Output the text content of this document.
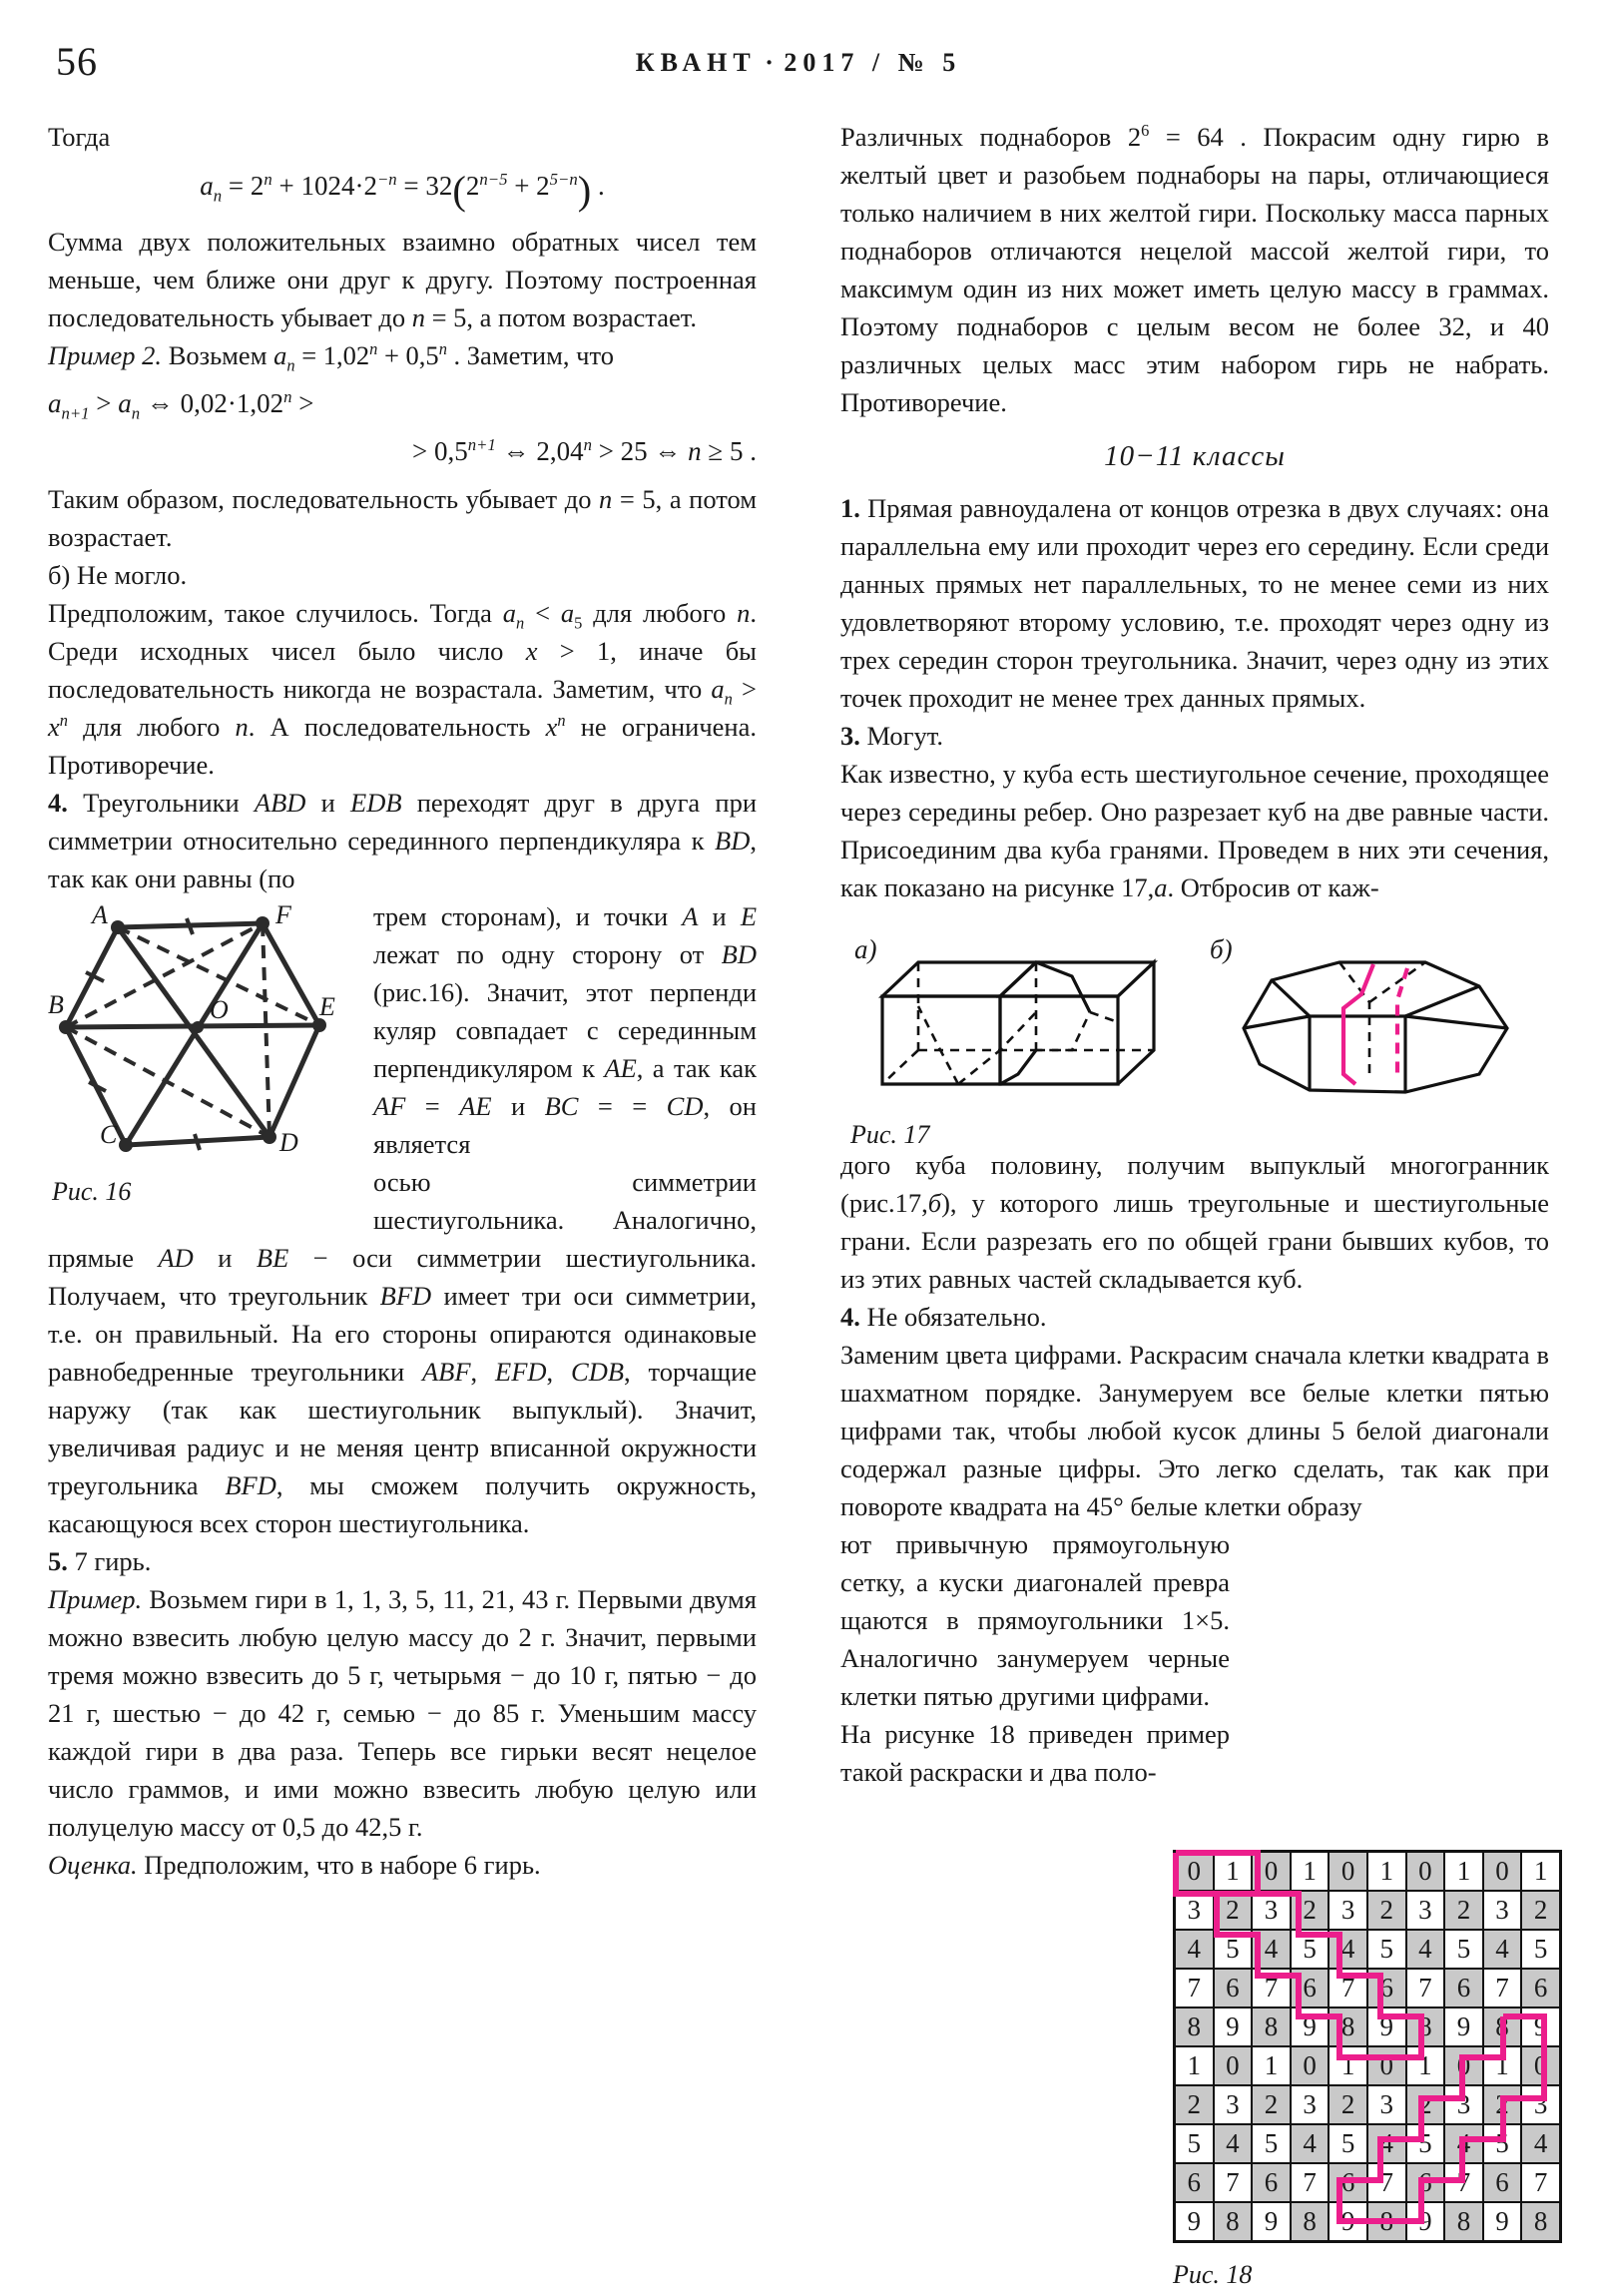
56	КВАНТ · 2017 / № 5

Тогда

$a_n = 2^n + 1024\cdot 2^{-n} = 32(2^{n-5} + 2^{5-n})$ .

Сумма двух положительных взаимно обратных чисел тем меньше, чем ближе они друг к другу. Поэтому построенная последовательность убы​вает до n = 5, а потом возрастает.

Пример 2. Возьмем $a_n = 1,02^n + 0,5^n$ . Заметим, что

$a_{n+1} > a_n$ ⇔ $0,02\cdot 1,02^n$ >
> $0,5^{n+1}$ ⇔ $2,04^n > 25$ ⇔ n ≥ 5 .

Таким образом, последовательность убывает до n = 5, а потом возрастает.

б) Не могло.

Предположим, такое случилось. Тогда $a_n < a_5$ для любого n. Среди исходных чисел было чис​ло x > 1, иначе бы последовательность никогда не возрастала. Заметим, что $a_n > x^n$ для любо​го n. А последовательность $x^n$ не ограничена. Противоречие.

4. Треугольники ABD и EDB переходят друг в друга при симметрии относительно серединного перпендикуляра к BD, так как они равны (по

A	F
B	O	E
C	D
Рис. 16

трем сторонам), и точки A и E лежат по одну сторону от BD (рис.16). Зна​чит, этот перпенди​куляр совпадает с се​рединным перпенди​куляром к AE, а так как AF = AE и BC = = CD, он является

осью симметрии шестиугольника. Аналогично, прямые AD и BE − оси симметрии шестиуголь​ника. Получаем, что треугольник BFD имеет три оси симметрии, т.е. он правильный. На его стороны опираются одинаковые равнобедрен​ные треугольники ABF, EFD, CDB, торчащие наружу (так как шестиугольник выпуклый). Значит, увеличивая радиус и не меняя центр вписанной окружности треугольника BFD, мы сможем получить окружность, касающуюся всех сторон шестиугольника.

5. 7 гирь.

Пример. Возьмем гири в 1, 1, 3, 5, 11, 21, 43 г. Первыми двумя можно взвесить любую целую массу до 2 г. Значит, первыми тремя можно взвесить до 5 г, четырьмя − до 10 г, пятью − до 21 г, шестью − до 42 г, семью − до 85 г. Умень​шим массу каждой гири в два раза. Теперь все гирьки весят нецелое число граммов, и ими можно взвесить любую целую или полуцелую массу от 0,5 до 42,5 г.

Оценка. Предположим, что в наборе 6 гирь.

Различных поднаборов $2^6 = 64$ . Покрасим одну гирю в желтый цвет и разобьем поднаборы на пары, отличающиеся только наличием в них желтой гири. Поскольку масса парных подна​боров отличаются нецелой массой желтой гири, то максимум один из них может иметь целую массу в граммах. Поэтому поднаборов с целым весом не более 32, и 40 различных целых масс этим набором гирь не набрать. Противоречие.

10−11 классы

1. Прямая равноудалена от концов отрезка в двух случаях: она параллельна ему или прохо​дит через его середину. Если среди данных пря​мых нет параллельных, то не менее семи из них удовлетворяют второму условию, т.е. проходят через одну из трех середин сторон треугольника. Значит, через одну из этих точек проходит не менее трех данных прямых.

3. Могут.

Как известно, у куба есть шестиугольное сече​ние, проходящее через середины ребер. Оно разрезает куб на две равные части. Присоединим два куба гранями. Проведем в них эти сечения, как показано на рисунке 17,а. Отбросив от каж-

а)	б)
Рис. 17

дого куба половину, получим выпуклый много​гранник (рис.17,б), у которого лишь треуголь​ные и шестиугольные грани. Если разрезать его по общей грани бывших кубов, то из этих рав​ных частей складывается куб.

4. Не обязательно.

Заменим цвета цифрами. Раскрасим сначала клет​ки квадрата в шахматном порядке. Занумеруем все белые клетки пятью цифрами так, чтобы любой кусок длины 5 белой диагонали содержал разные цифры. Это легко сделать, так как при повороте квадрата на 45° белые клетки образу​

ют привычную прямо​угольную сетку, а кус​ки диагоналей превра​щаются в прямоуголь​ники 1×5. Аналогично занумеруем черные клетки пятью другими цифрами.

На рисунке 18 приве​ден пример такой раскраски и два поло-

0	1	0	1	0	1	0	1	0	1
3	2	3	2	3	2	3	2	3	2
4	5	4	5	4	5	4	5	4	5
7	6	7	6	7	6	7	6	7	6
8	9	8	9	8	9	8	9	8	9
1	0	1	0	1	0	1	0	1	0
2	3	2	3	2	3	2	3	2	3
5	4	5	4	5	4	5	4	5	4
6	7	6	7	6	7	6	7	6	7
9	8	9	8	9	8	9	8	9	8
Рис. 18
